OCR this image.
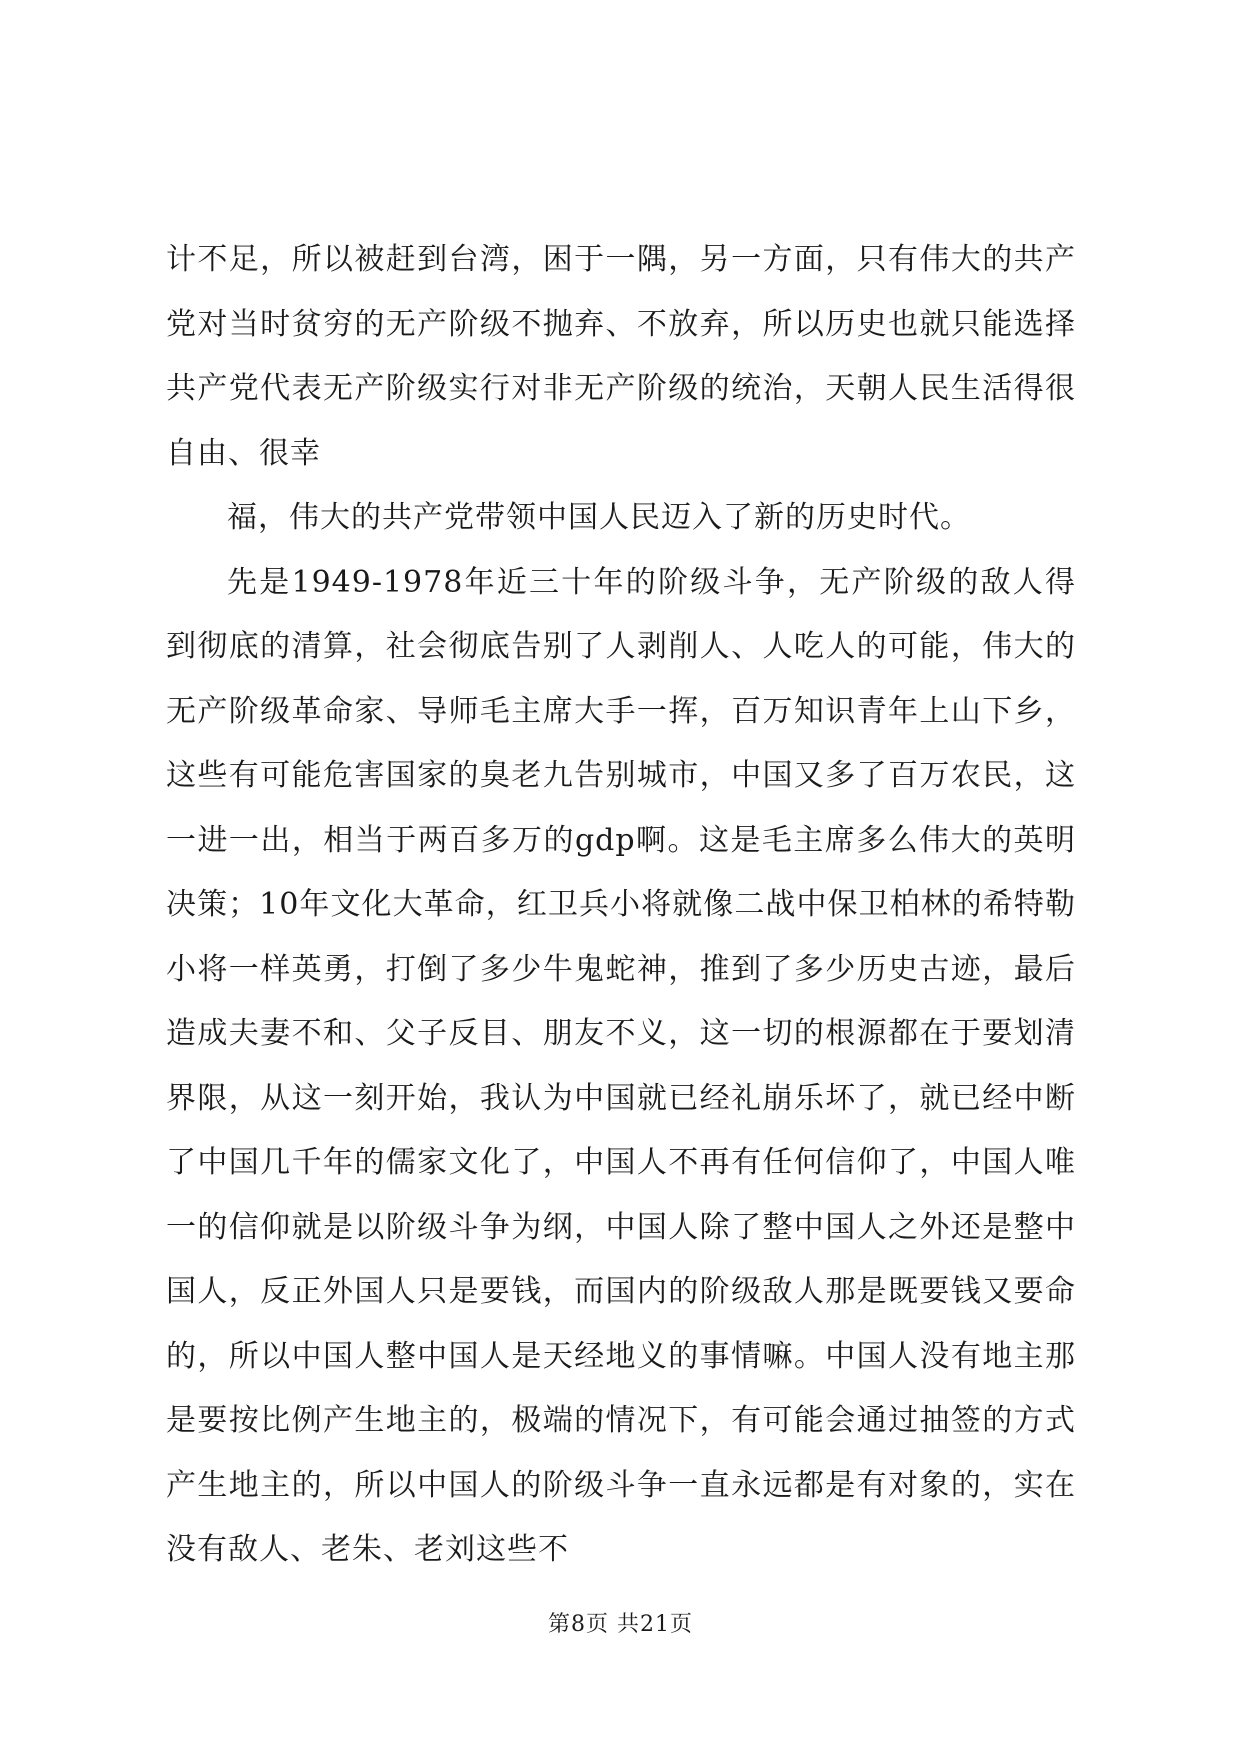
计不足，所以被赶到台湾，困于一隅，另一方面，只有伟大的共产党对当时贫穷的无产阶级不抛弃、不放弃，所以历史也就只能选择共产党代表无产阶级实行对非无产阶级的统治，天朝人民生活得很自由、很幸

福，伟大的共产党带领中国人民迈入了新的历史时代。

先是1949-1978年近三十年的阶级斗争，无产阶级的敌人得到彻底的清算，社会彻底告别了人剥削人、人吃人的可能，伟大的无产阶级革命家、导师毛主席大手一挥，百万知识青年上山下乡，这些有可能危害国家的臭老九告别城市，中国又多了百万农民，这一进一出，相当于两百多万的gdp啊。这是毛主席多么伟大的英明决策；10年文化大革命，红卫兵小将就像二战中保卫柏林的希特勒小将一样英勇，打倒了多少牛鬼蛇神，推到了多少历史古迹，最后造成夫妻不和、父子反目、朋友不义，这一切的根源都在于要划清界限，从这一刻开始，我认为中国就已经礼崩乐坏了，就已经中断了中国几千年的儒家文化了，中国人不再有任何信仰了，中国人唯一的信仰就是以阶级斗争为纲，中国人除了整中国人之外还是整中国人，反正外国人只是要钱，而国内的阶级敌人那是既要钱又要命的，所以中国人整中国人是天经地义的事情嘛。中国人没有地主那是要按比例产生地主的，极端的情况下，有可能会通过抽签的方式产生地主的，所以中国人的阶级斗争一直永远都是有对象的，实在没有敌人、老朱、老刘这些不

第8页 共21页
